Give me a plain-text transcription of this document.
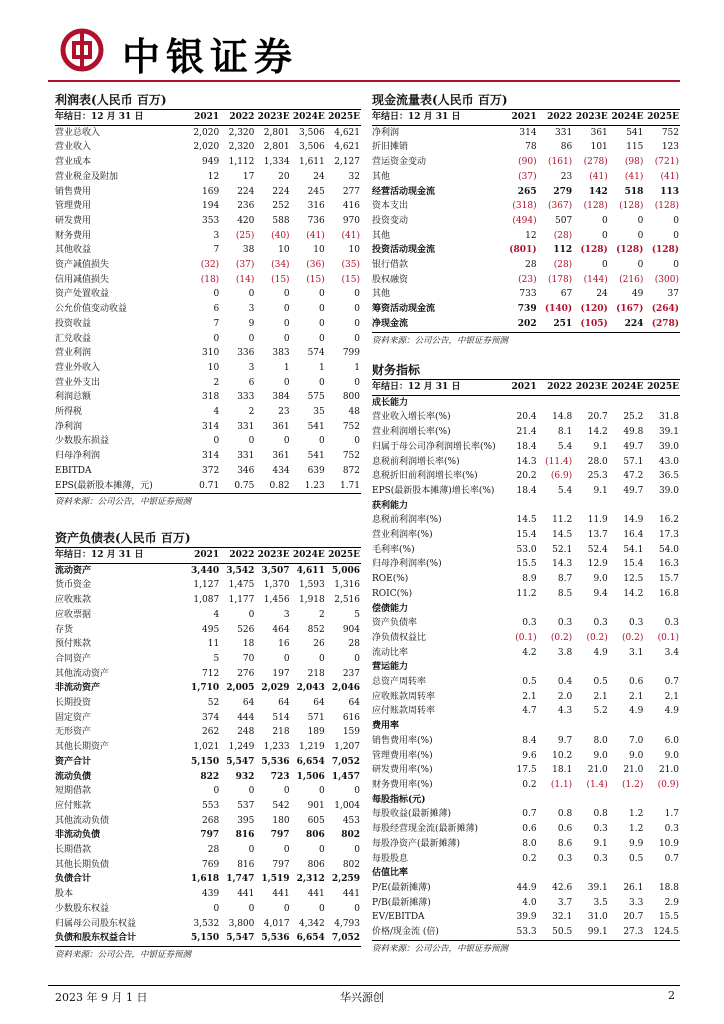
中银证券
利润表(人民币 百万)
年结日：12 月 31 日	2021	2022	2023E	2024E	2025E
营业总收入	2,020	2,320	2,801	3,506	4,621
营业收入	2,020	2,320	2,801	3,506	4,621
营业成本	949	1,112	1,334	1,611	2,127
营业税金及附加	12	17	20	24	32
销售费用	169	224	224	245	277
管理费用	194	236	252	316	416
研发费用	353	420	588	736	970
财务费用	3	(25)	(40)	(41)	(41)
其他收益	7	38	10	10	10
资产减值损失	(32)	(37)	(34)	(36)	(35)
信用减值损失	(18)	(14)	(15)	(15)	(15)
资产处置收益	0	0	0	0	0
公允价值变动收益	6	3	0	0	0
投资收益	7	9	0	0	0
汇兑收益	0	0	0	0	0
营业利润	310	336	383	574	799
营业外收入	10	3	1	1	1
营业外支出	2	6	0	0	0
利润总额	318	333	384	575	800
所得税	4	2	23	35	48
净利润	314	331	361	541	752
少数股东损益	0	0	0	0	0
归母净利润	314	331	361	541	752
EBITDA	372	346	434	639	872
EPS(最新股本摊薄，元)	0.71	0.75	0.82	1.23	1.71
资料来源：公司公告，中银证券预测
资产负债表(人民币 百万)
年结日：12 月 31 日	2021	2022	2023E	2024E	2025E
流动资产	3,440	3,542	3,507	4,611	5,006
货币资金	1,127	1,475	1,370	1,593	1,316
应收账款	1,087	1,177	1,456	1,918	2,516
应收票据	4	0	3	2	5
存货	495	526	464	852	904
预付账款	11	18	16	26	28
合同资产	5	70	0	0	0
其他流动资产	712	276	197	218	237
非流动资产	1,710	2,005	2,029	2,043	2,046
长期投资	52	64	64	64	64
固定资产	374	444	514	571	616
无形资产	262	248	218	189	159
其他长期资产	1,021	1,249	1,233	1,219	1,207
资产合计	5,150	5,547	5,536	6,654	7,052
流动负债	822	932	723	1,506	1,457
短期借款	0	0	0	0	0
应付账款	553	537	542	901	1,004
其他流动负债	268	395	180	605	453
非流动负债	797	816	797	806	802
长期借款	28	0	0	0	0
其他长期负债	769	816	797	806	802
负债合计	1,618	1,747	1,519	2,312	2,259
股本	439	441	441	441	441
少数股东权益	0	0	0	0	0
归属母公司股东权益	3,532	3,800	4,017	4,342	4,793
负债和股东权益合计	5,150	5,547	5,536	6,654	7,052
资料来源：公司公告，中银证券预测
现金流量表(人民币 百万)
年结日：12 月 31 日	2021	2022	2023E	2024E	2025E
净利润	314	331	361	541	752
折旧摊销	78	86	101	115	123
营运资金变动	(90)	(161)	(278)	(98)	(721)
其他	(37)	23	(41)	(41)	(41)
经营活动现金流	265	279	142	518	113
资本支出	(318)	(367)	(128)	(128)	(128)
投资变动	(494)	507	0	0	0
其他	12	(28)	0	0	0
投资活动现金流	(801)	112	(128)	(128)	(128)
银行借款	28	(28)	0	0	0
股权融资	(23)	(178)	(144)	(216)	(300)
其他	733	67	24	49	37
筹资活动现金流	739	(140)	(120)	(167)	(264)
净现金流	202	251	(105)	224	(278)
资料来源：公司公告，中银证券预测
财务指标
年结日：12 月 31 日	2021	2022	2023E	2024E	2025E
成长能力					
营业收入增长率(%)	20.4	14.8	20.7	25.2	31.8
营业利润增长率(%)	21.4	8.1	14.2	49.8	39.1
归属于母公司净利润增长率(%)	18.4	5.4	9.1	49.7	39.0
息税前利润增长率(%)	14.3	(11.4)	28.0	57.1	43.0
息税折旧前利润增长率(%)	20.2	(6.9)	25.3	47.2	36.5
EPS(最新股本摊薄)增长率(%)	18.4	5.4	9.1	49.7	39.0
获利能力					
息税前利润率(%)	14.5	11.2	11.9	14.9	16.2
营业利润率(%)	15.4	14.5	13.7	16.4	17.3
毛利率(%)	53.0	52.1	52.4	54.1	54.0
归母净利润率(%)	15.5	14.3	12.9	15.4	16.3
ROE(%)	8.9	8.7	9.0	12.5	15.7
ROIC(%)	11.2	8.5	9.4	14.2	16.8
偿债能力					
资产负债率	0.3	0.3	0.3	0.3	0.3
净负债权益比	(0.1)	(0.2)	(0.2)	(0.2)	(0.1)
流动比率	4.2	3.8	4.9	3.1	3.4
营运能力					
总资产周转率	0.5	0.4	0.5	0.6	0.7
应收账款周转率	2.1	2.0	2.1	2.1	2.1
应付账款周转率	4.7	4.3	5.2	4.9	4.9
费用率					
销售费用率(%)	8.4	9.7	8.0	7.0	6.0
管理费用率(%)	9.6	10.2	9.0	9.0	9.0
研发费用率(%)	17.5	18.1	21.0	21.0	21.0
财务费用率(%)	0.2	(1.1)	(1.4)	(1.2)	(0.9)
每股指标(元)					
每股收益(最新摊薄)	0.7	0.8	0.8	1.2	1.7
每股经营现金流(最新摊薄)	0.6	0.6	0.3	1.2	0.3
每股净资产(最新摊薄)	8.0	8.6	9.1	9.9	10.9
每股股息	0.2	0.3	0.3	0.5	0.7
估值比率					
P/E(最新摊薄)	44.9	42.6	39.1	26.1	18.8
P/B(最新摊薄)	4.0	3.7	3.5	3.3	2.9
EV/EBITDA	39.9	32.1	31.0	20.7	15.5
价格/现金流 (倍)	53.3	50.5	99.1	27.3	124.5
资料来源：公司公告，中银证券预测
2023 年 9 月 1 日	华兴源创	2
